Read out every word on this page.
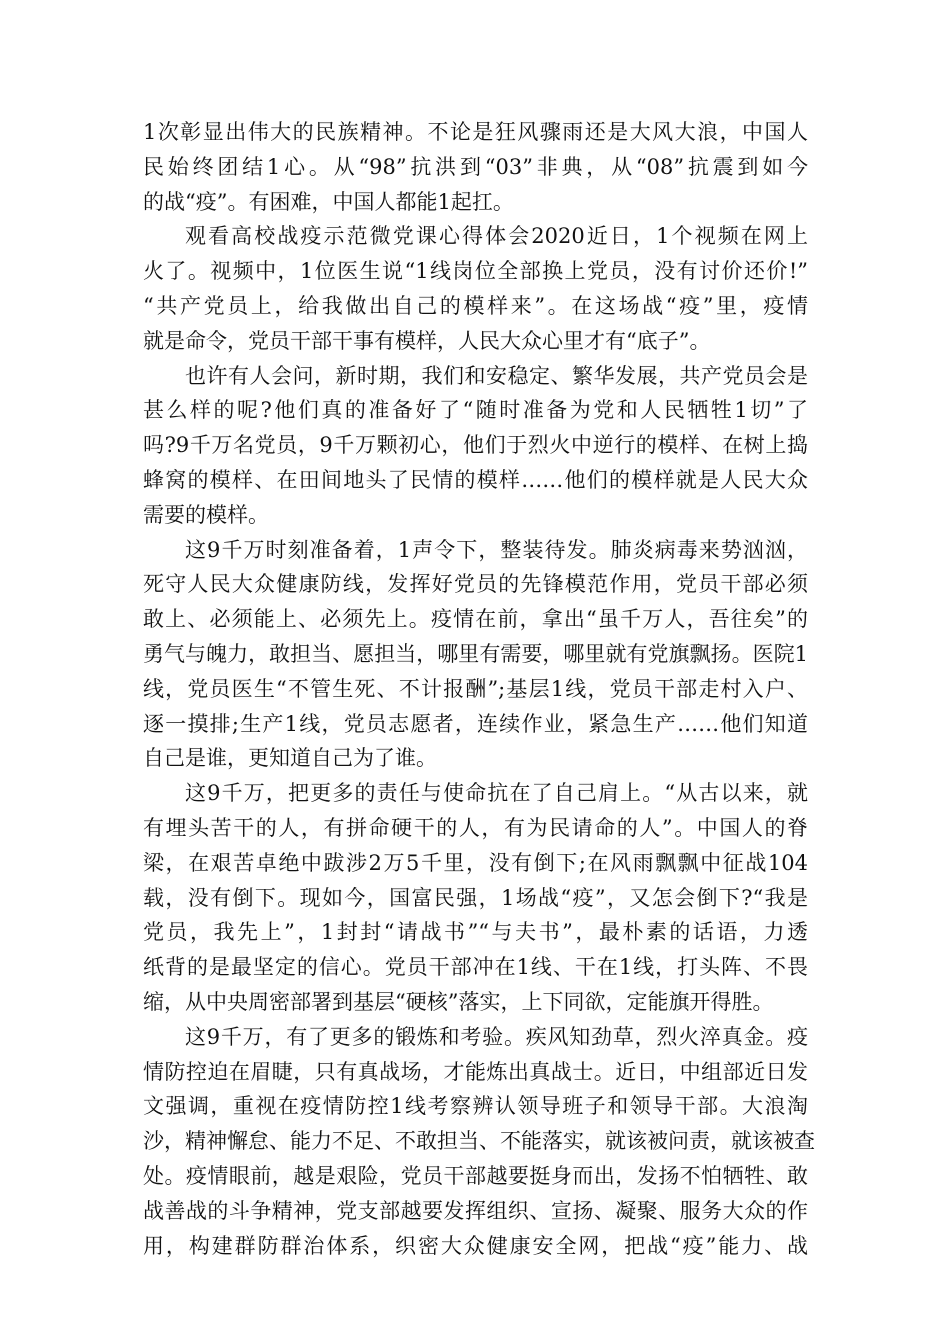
1次彰显出伟大的民族精神。不论是狂风骤雨还是大风大浪，中国人
民始终团结1心。从“98”抗洪到“03”非典，从“08”抗震到如今
的战“疫”。有困难，中国人都能1起扛。
观看高校战疫示范微党课心得体会2020近日，1个视频在网上
火了。视频中，1位医生说“1线岗位全部换上党员，没有讨价还价!”
“共产党员上，给我做出自己的模样来”。在这场战“疫”里，疫情
就是命令，党员干部干事有模样，人民大众心里才有“底子”。
也许有人会问，新时期，我们和安稳定、繁华发展，共产党员会是
甚么样的呢?他们真的准备好了“随时准备为党和人民牺牲1切”了
吗?9千万名党员，9千万颗初心，他们于烈火中逆行的模样、在树上捣
蜂窝的模样、在田间地头了民情的模样……他们的模样就是人民大众
需要的模样。
这9千万时刻准备着，1声令下，整装待发。肺炎病毒来势汹汹，
死守人民大众健康防线，发挥好党员的先锋模范作用，党员干部必须
敢上、必须能上、必须先上。疫情在前，拿出“虽千万人，吾往矣”的
勇气与魄力，敢担当、愿担当，哪里有需要，哪里就有党旗飘扬。医院1
线，党员医生“不管生死、不计报酬”;基层1线，党员干部走村入户、
逐一摸排;生产1线，党员志愿者，连续作业，紧急生产……他们知道
自己是谁，更知道自己为了谁。
这9千万，把更多的责任与使命抗在了自己肩上。“从古以来，就
有埋头苦干的人，有拼命硬干的人，有为民请命的人”。中国人的脊
梁，在艰苦卓绝中跋涉2万5千里，没有倒下;在风雨飘飘中征战104
载，没有倒下。现如今，国富民强，1场战“疫”，又怎会倒下?“我是
党员，我先上”，1封封“请战书”“与夫书”，最朴素的话语，力透
纸背的是最坚定的信心。党员干部冲在1线、干在1线，打头阵、不畏
缩，从中央周密部署到基层“硬核”落实，上下同欲，定能旗开得胜。
这9千万，有了更多的锻炼和考验。疾风知劲草，烈火淬真金。疫
情防控迫在眉睫，只有真战场，才能炼出真战士。近日，中组部近日发
文强调，重视在疫情防控1线考察辨认领导班子和领导干部。大浪淘
沙，精神懈怠、能力不足、不敢担当、不能落实，就该被问责，就该被查
处。疫情眼前，越是艰险，党员干部越要挺身而出，发扬不怕牺牲、敢
战善战的斗争精神，党支部越要发挥组织、宣扬、凝聚、服务大众的作
用，构建群防群治体系，织密大众健康安全网，把战“疫”能力、战
